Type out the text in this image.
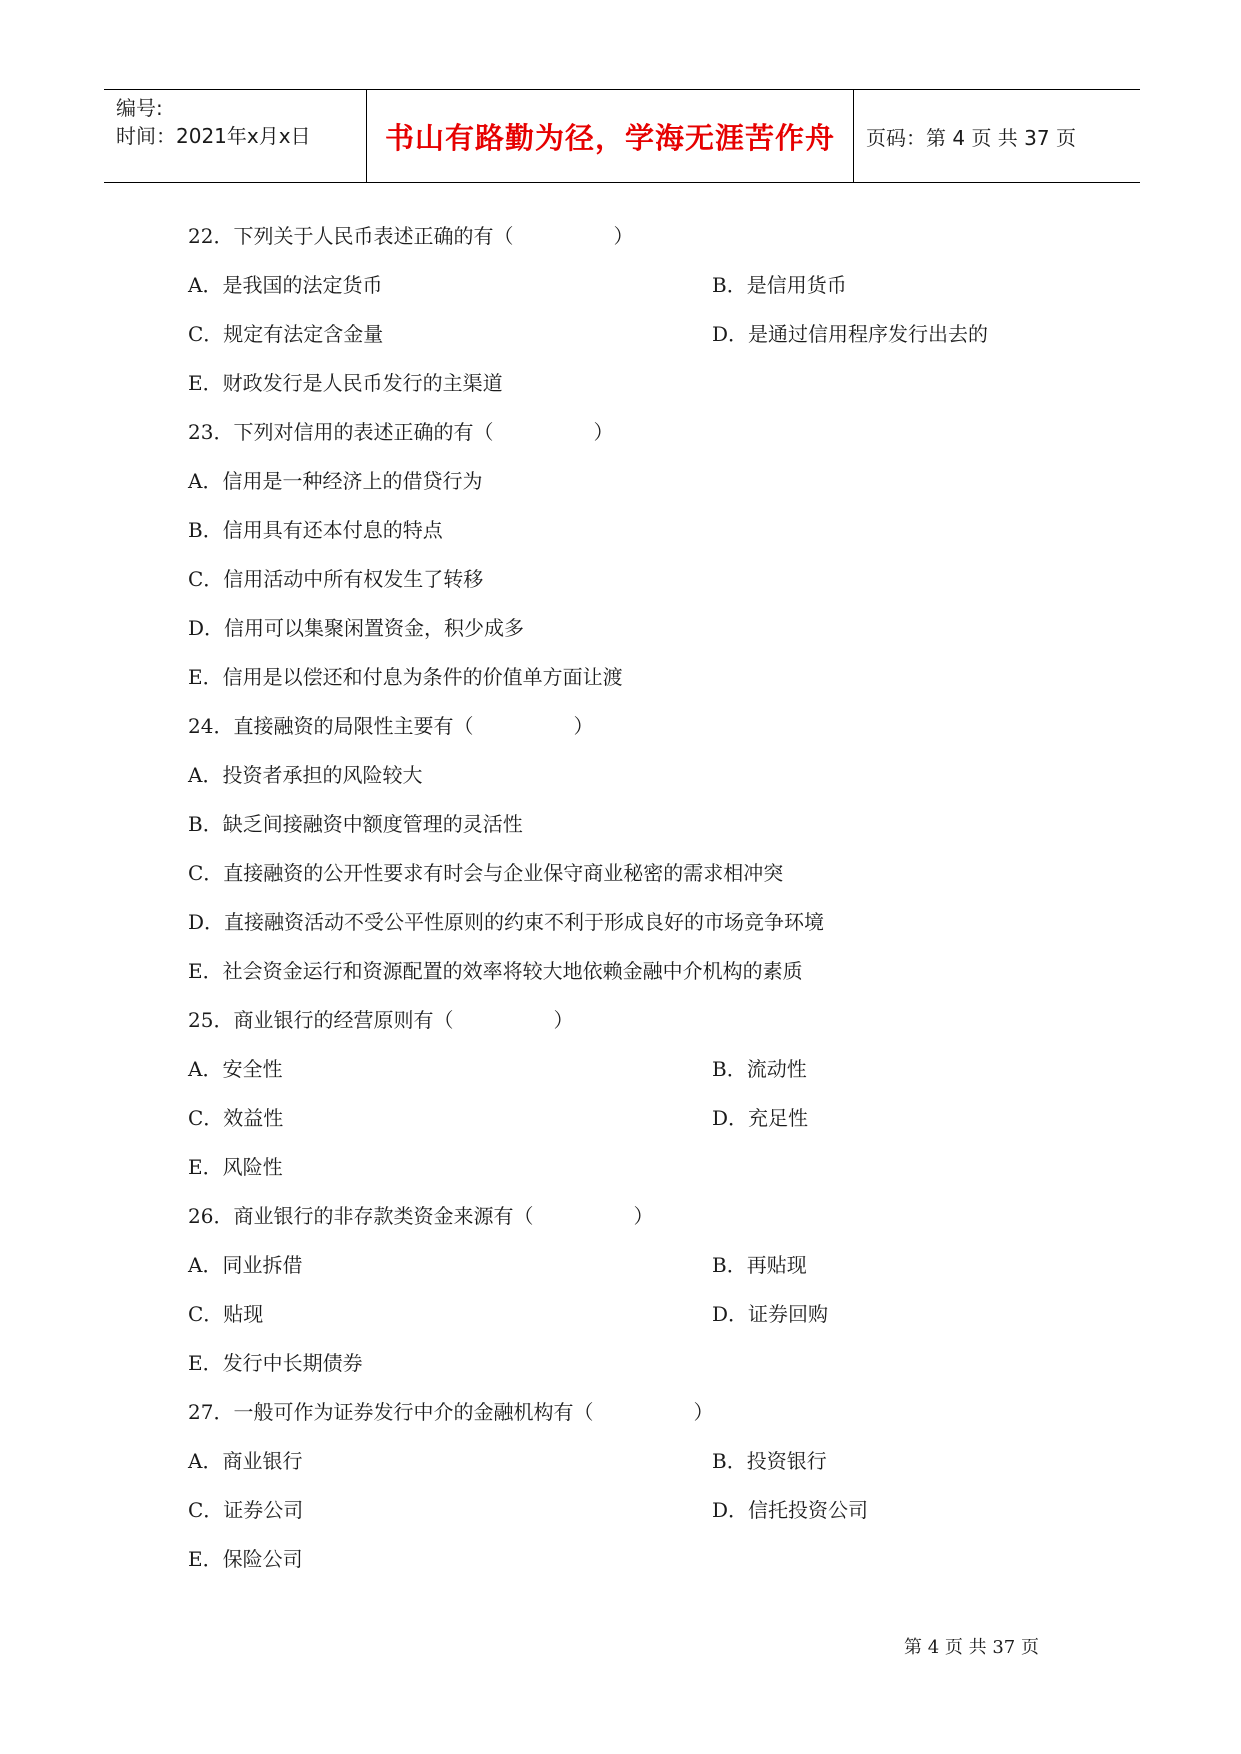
编号:
时间：2021年x月x日	书山有路勤为径，学海无涯苦作舟	页码：第 4 页 共 37 页
22．下列关于人民币表述正确的有（　　　　　）
A．是我国的法定货币	B．是信用货币
C．规定有法定含金量	D．是通过信用程序发行出去的
E．财政发行是人民币发行的主渠道
23．下列对信用的表述正确的有（　　　　　）
A．信用是一种经济上的借贷行为
B．信用具有还本付息的特点
C．信用活动中所有权发生了转移
D．信用可以集聚闲置资金，积少成多
E．信用是以偿还和付息为条件的价值单方面让渡
24．直接融资的局限性主要有（　　　　　）
A．投资者承担的风险较大
B．缺乏间接融资中额度管理的灵活性
C．直接融资的公开性要求有时会与企业保守商业秘密的需求相冲突
D．直接融资活动不受公平性原则的约束不利于形成良好的市场竞争环境
E．社会资金运行和资源配置的效率将较大地依赖金融中介机构的素质
25．商业银行的经营原则有（　　　　　）
A．安全性	B．流动性
C．效益性	D．充足性
E．风险性
26．商业银行的非存款类资金来源有（　　　　　）
A．同业拆借	B．再贴现
C．贴现	D．证券回购
E．发行中长期债券
27．一般可作为证券发行中介的金融机构有（　　　　　）
A．商业银行	B．投资银行
C．证券公司	D．信托投资公司
E．保险公司
第 4 页 共 37 页
